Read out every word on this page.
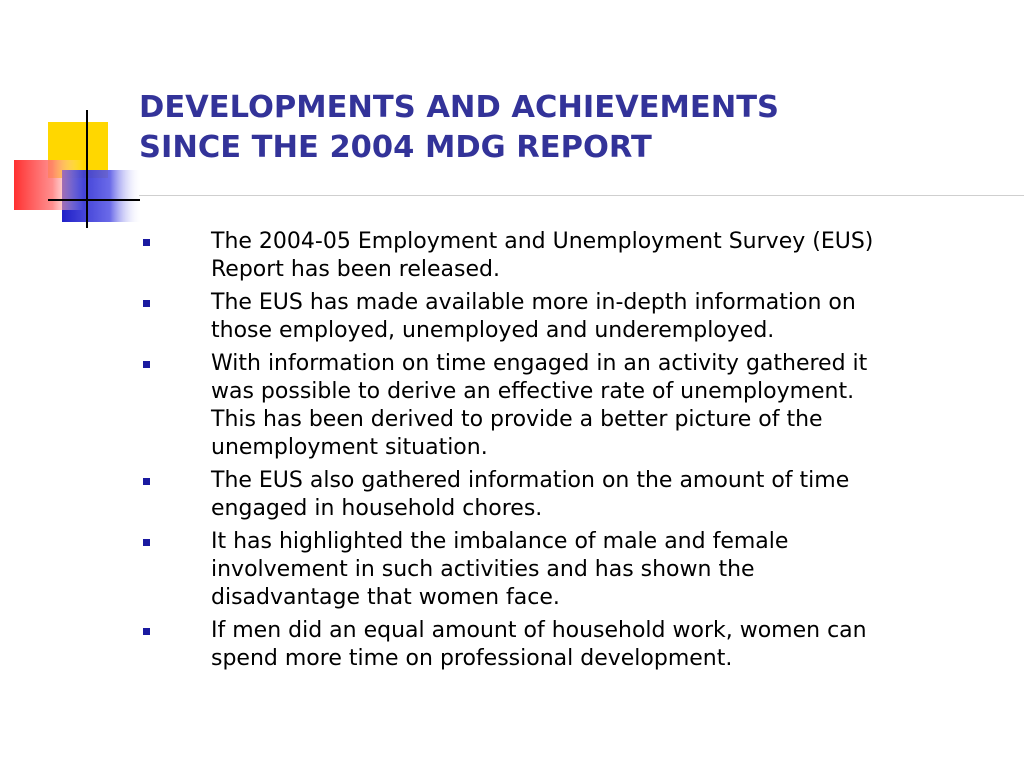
DEVELOPMENTS AND ACHIEVEMENTS
SINCE THE 2004 MDG REPORT
The 2004-05 Employment and Unemployment Survey (EUS)
Report has been released.
The EUS has made available more in-depth information on
those employed, unemployed and underemployed.
With information on time engaged in an activity gathered it
was possible to derive an effective rate of unemployment.
This has been derived to provide a better picture of the
unemployment situation.
The EUS also gathered information on the amount of time
engaged in household chores.
It has highlighted the imbalance of male and female
involvement in such activities and has shown the
disadvantage that women face.
If men did an equal amount of household work, women can
spend more time on professional development.
